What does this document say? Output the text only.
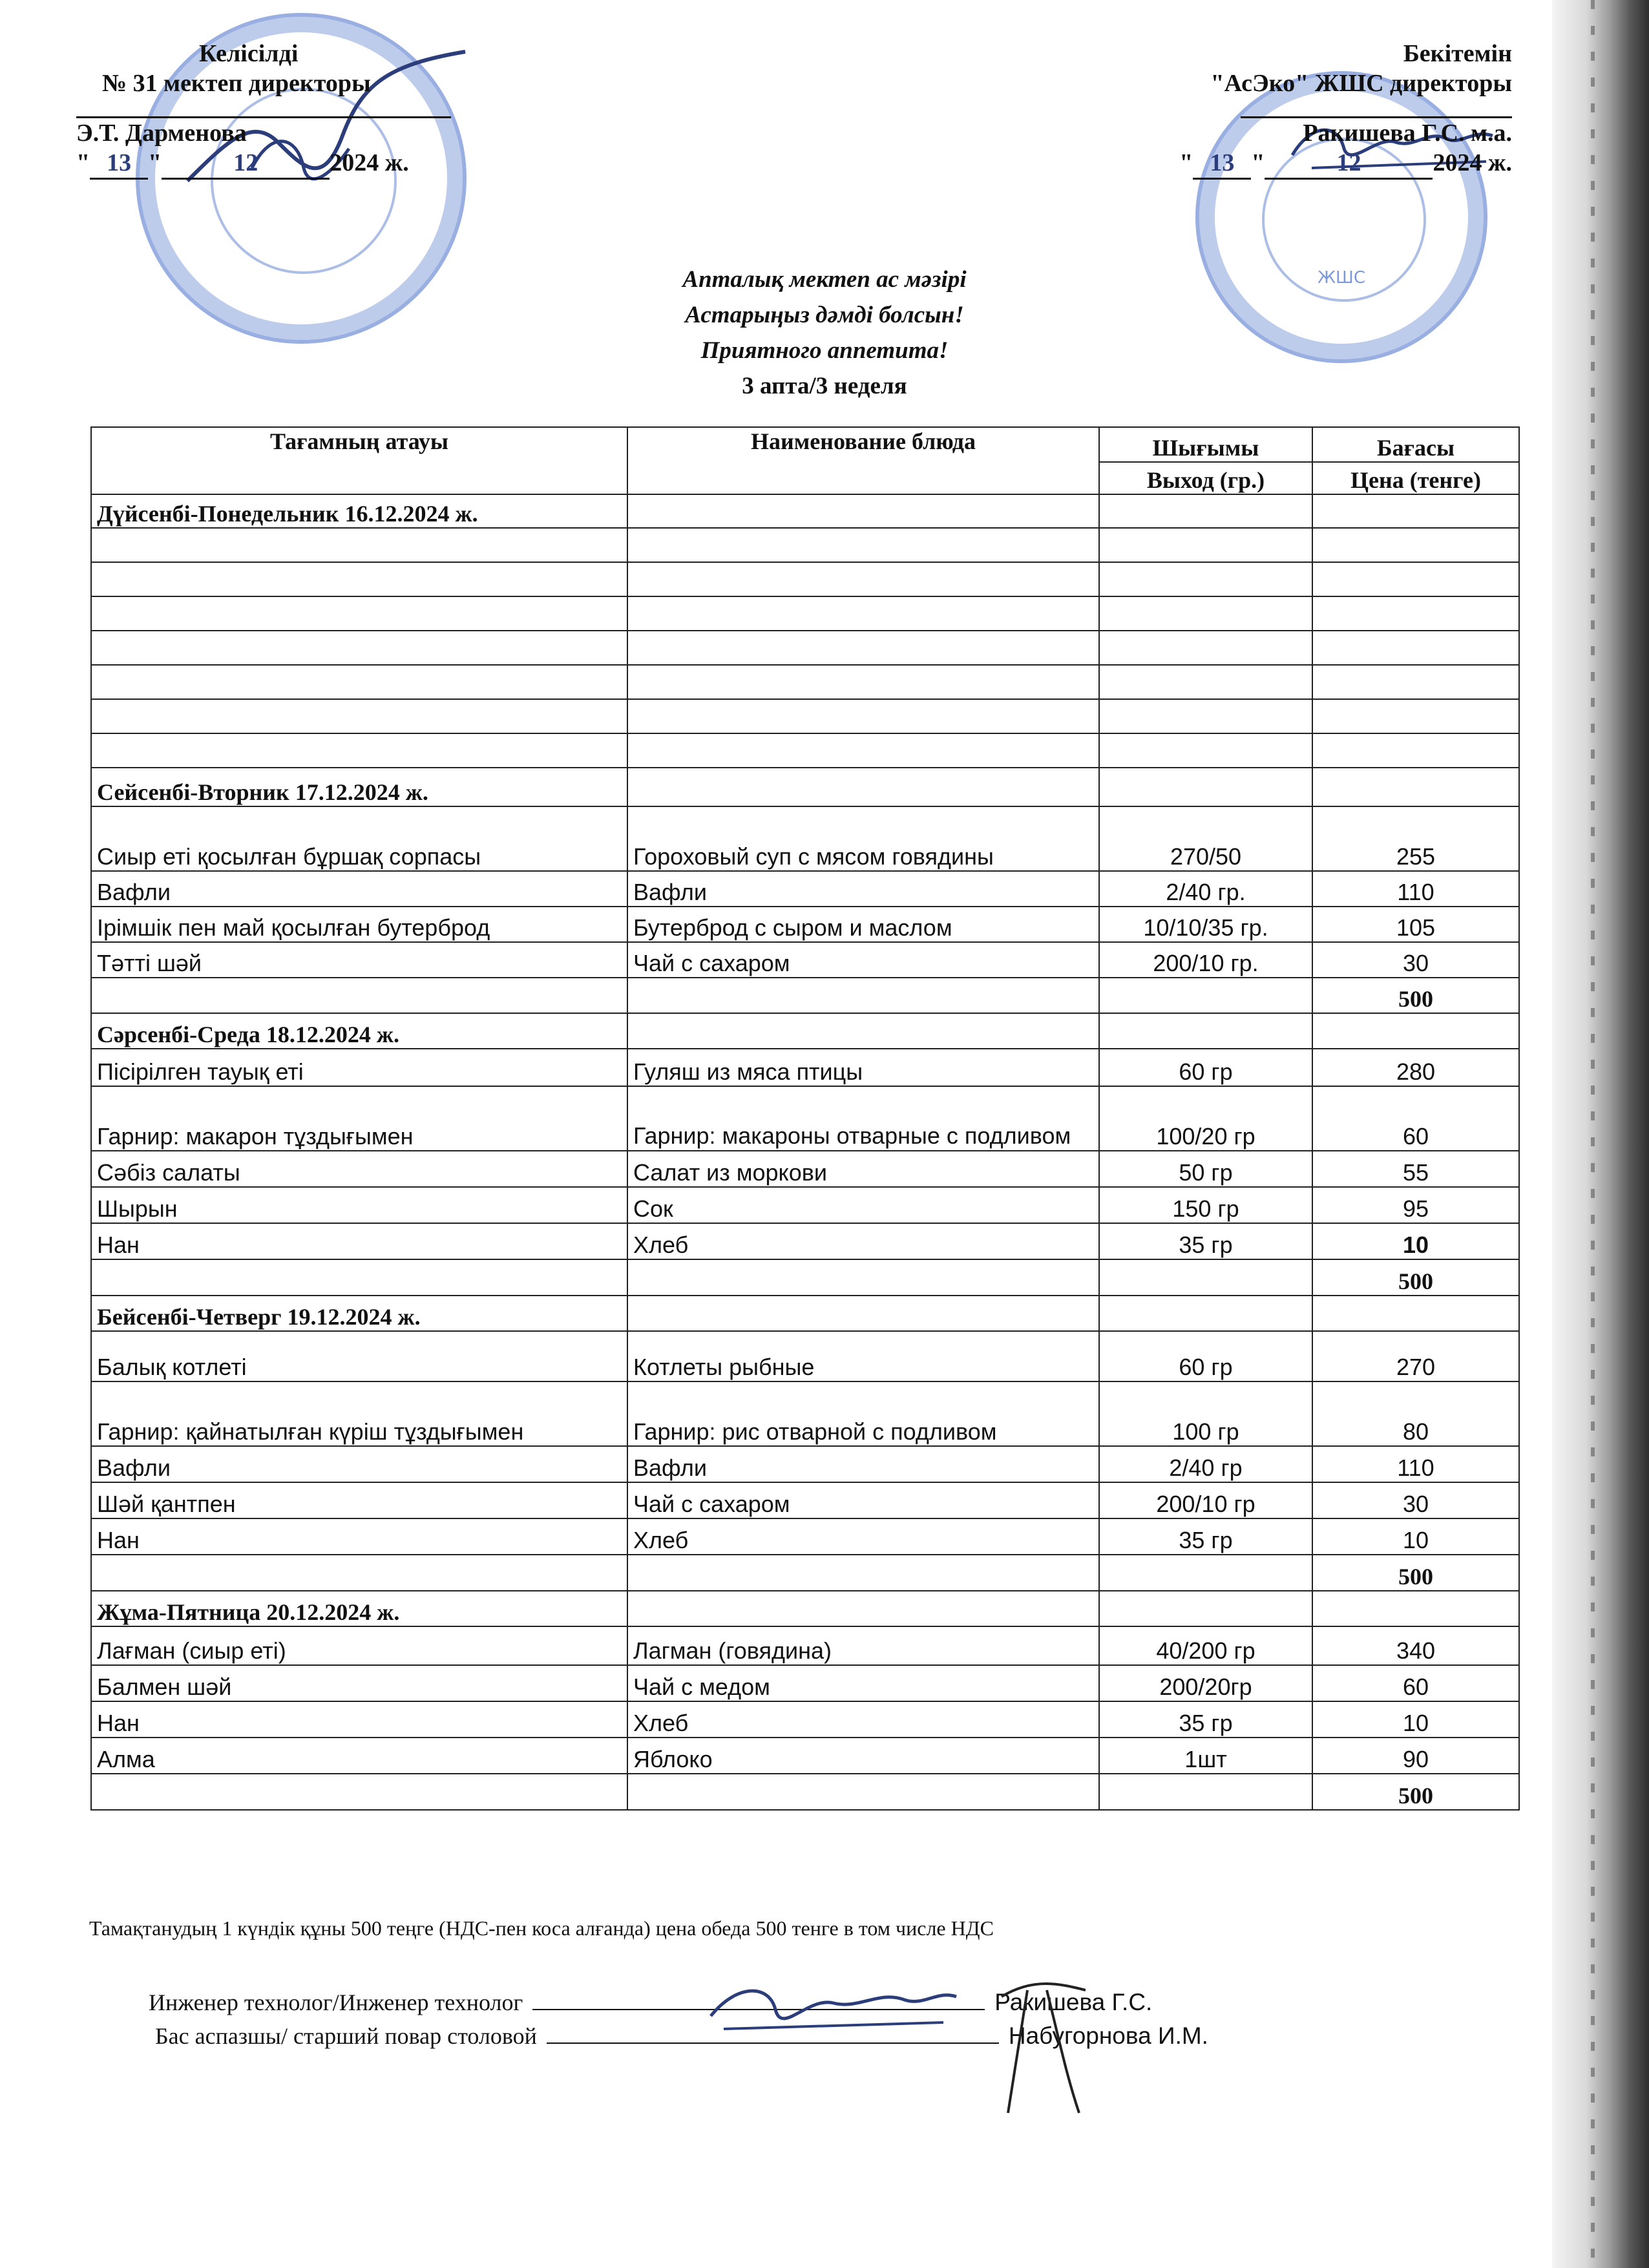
ЖШС
Келісілді
№ 31 мектеп директоры
Э.Т. Дарменова
" 13 "	12	2024 ж.
Бекітемін
"АсЭко" ЖШС директоры
Ракишева Г.С. м.а.
" 13 "	12	2024 ж.
Апталық мектеп ас мәзірі
Астарыңыз дәмді болсын!
Приятного аппетита!
3 апта/3 неделя
Тағамның атауы	Наименование блюда	Шығымы	Бағасы
		Выход (гр.)	Цена (тенге)
Дүйсенбі-Понедельник 16.12.2024 ж.			

Сейсенбі-Вторник 17.12.2024 ж.			
Сиыр еті қосылған бұршақ сорпасы	Гороховый суп с мясом говядины	270/50	255
Вафли	Вафли	2/40 гр.	110
Ірімшік пен май қосылған бутерброд	Бутерброд с сыром и маслом	10/10/35 гр.	105
Тәтті шәй	Чай с сахаром	200/10 гр.	30
			500
Сәрсенбі-Среда 18.12.2024 ж.			
Пісірілген тауық еті	Гуляш из мяса птицы	60 гр	280
Гарнир: макарон тұздығымен	Гарнир: макароны отварные с подливом	100/20 гр	60
Сәбіз салаты	Салат из моркови	50 гр	55
Шырын	Сок	150 гр	95
Нан	Хлеб	35 гр	10
			500
Бейсенбі-Четверг 19.12.2024 ж.			
Балық котлеті	Котлеты рыбные	60 гр	270
Гарнир: қайнатылған күріш тұздығымен	Гарнир: рис отварной с подливом	100 гр	80
Вафли	Вафли	2/40 гр	110
Шәй қантпен	Чай с сахаром	200/10 гр	30
Нан	Хлеб	35 гр	10
			500
Жұма-Пятница 20.12.2024 ж.			
Лағман (сиыр еті)	Лагман (говядина)	40/200 гр	340
Балмен шәй	Чай с медом	200/20гр	60
Нан	Хлеб	35 гр	10
Алма	Яблоко	1шт	90
			500
Тамақтанудың 1 күндік құны 500 теңге (НДС-пен коса алғанда) цена обеда 500 тенге в том числе НДС
Инженер технолог/Инженер технолог	Ракишева Г.С.
Бас аспазшы/ старший повар столовой	Набугорнова И.М.
